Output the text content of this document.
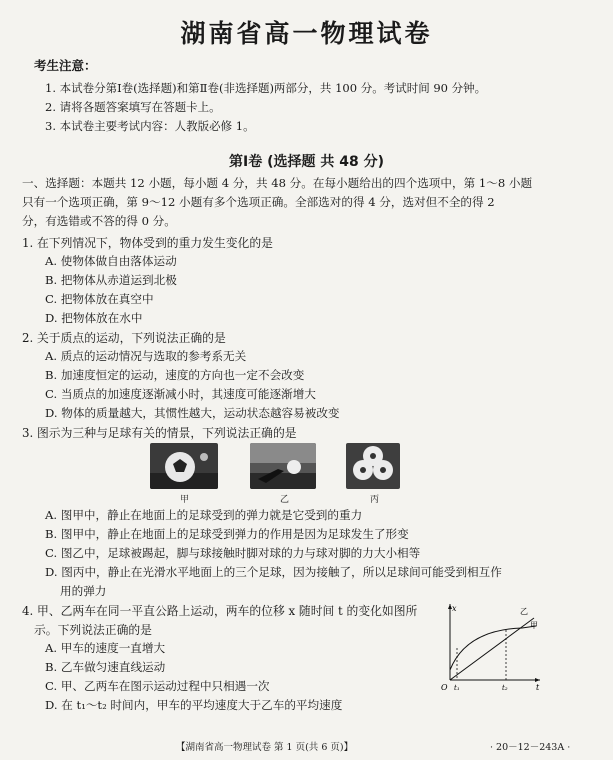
湖南省高一物理试卷
考生注意：
1. 本试卷分第Ⅰ卷(选择题)和第Ⅱ卷(非选择题)两部分，共 100 分。考试时间 90 分钟。
2. 请将各题答案填写在答题卡上。
3. 本试卷主要考试内容：人教版必修 1。
第Ⅰ卷 (选择题 共 48 分)
一、选择题：本题共 12 小题，每小题 4 分，共 48 分。在每小题给出的四个选项中，第 1～8 小题
只有一个选项正确，第 9～12 小题有多个选项正确。全部选对的得 4 分，选对但不全的得 2
分，有选错或不答的得 0 分。
1. 在下列情况下，物体受到的重力发生变化的是
A. 使物体做自由落体运动
B. 把物体从赤道运到北极
C. 把物体放在真空中
D. 把物体放在水中
2. 关于质点的运动，下列说法正确的是
A. 质点的运动情况与选取的参考系无关
B. 加速度恒定的运动，速度的方向也一定不会改变
C. 当质点的加速度逐渐减小时，其速度可能逐渐增大
D. 物体的质量越大，其惯性越大，运动状态越容易被改变
3. 图示为三种与足球有关的情景，下列说法正确的是
甲	乙	丙
A. 图甲中，静止在地面上的足球受到的弹力就是它受到的重力
B. 图甲中，静止在地面上的足球受到弹力的作用是因为足球发生了形变
C. 图乙中，足球被踢起，脚与球接触时脚对球的力与球对脚的力大小相等
D. 图丙中，静止在光滑水平地面上的三个足球，因为接触了，所以足球间可能受到相互作
用的弹力
4. 甲、乙两车在同一平直公路上运动，两车的位移 x 随时间 t 的变化如图所
示。下列说法正确的是
A. 甲车的速度一直增大
B. 乙车做匀速直线运动
C. 甲、乙两车在图示运动过程中只相遇一次
D. 在 t₁～t₂ 时间内，甲车的平均速度大于乙车的平均速度
x
t
O t₁	t₂
乙
甲
【湖南省高一物理试卷 第 1 页(共 6 页)】	· 20－12－243A ·
